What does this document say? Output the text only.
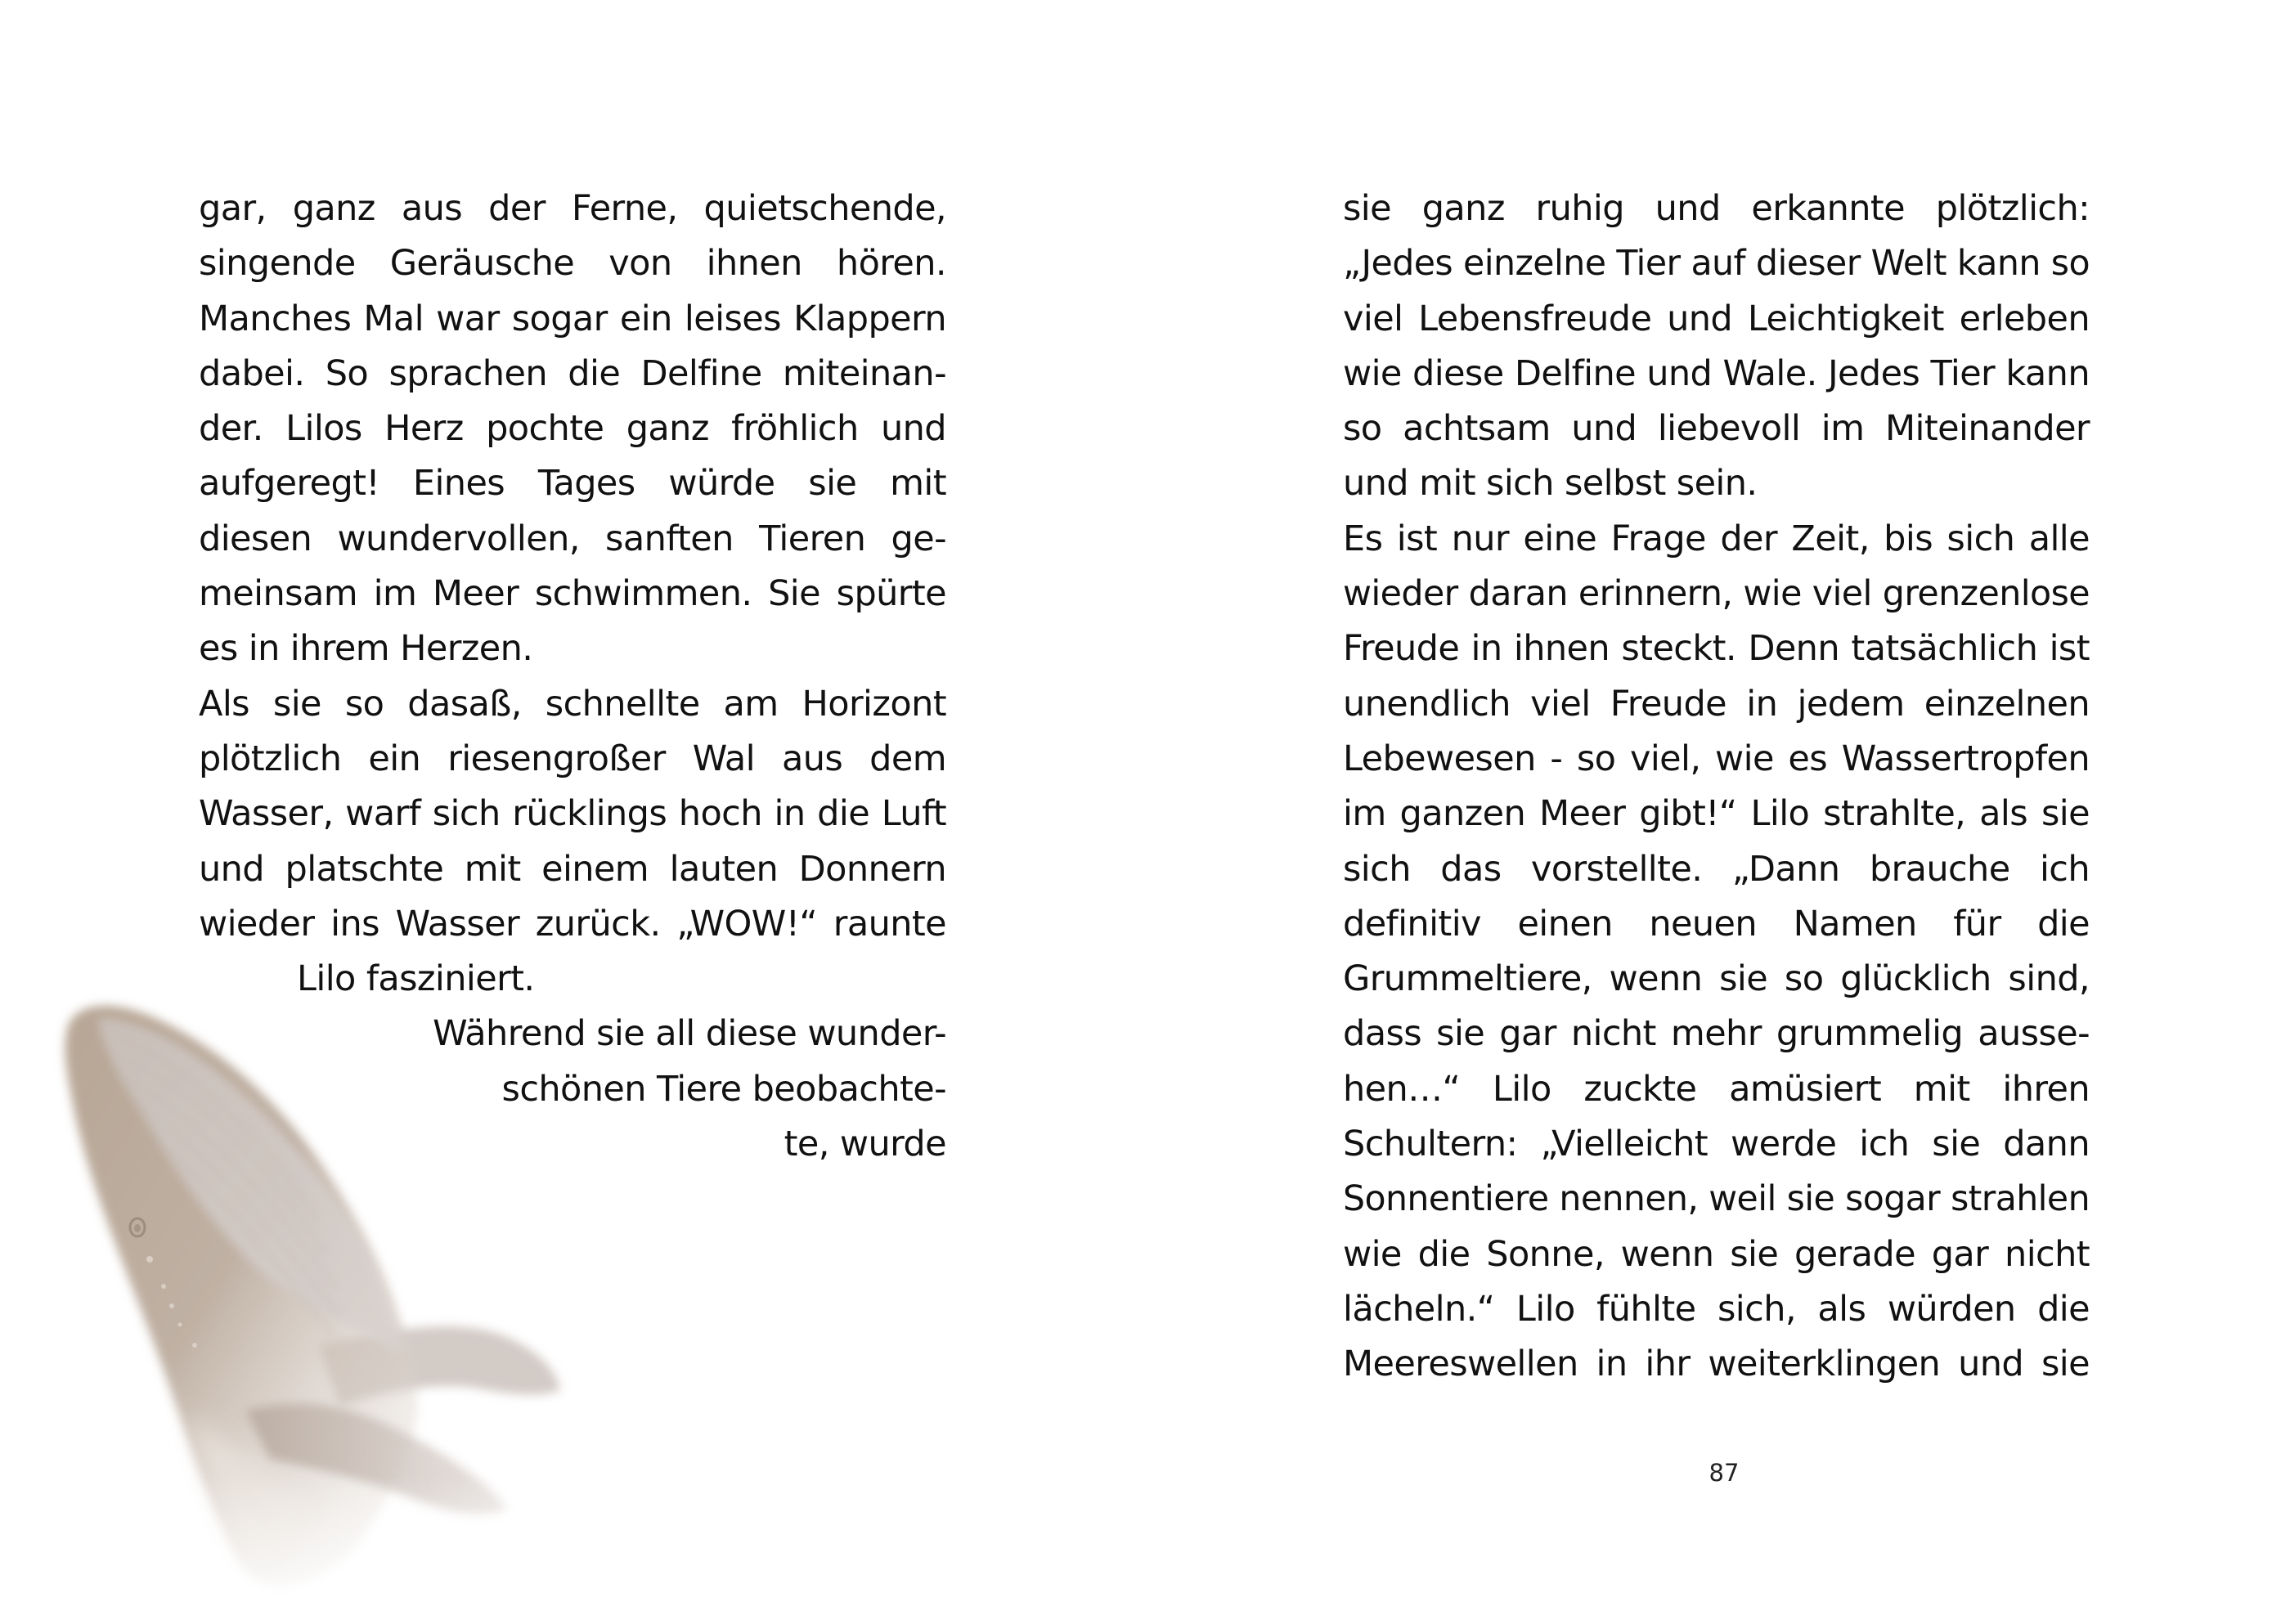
gar, ganz aus der Ferne, quietschende,
singende Geräusche von ihnen hören.
Manches Mal war sogar ein leises Klappern
dabei. So sprachen die Delfine miteinan-
der. Lilos Herz pochte ganz fröhlich und
aufgeregt! Eines Tages würde sie mit
diesen wundervollen, sanften Tieren ge-
meinsam im Meer schwimmen. Sie spürte
es in ihrem Herzen.
Als sie so dasaß, schnellte am Horizont
plötzlich ein riesengroßer Wal aus dem
Wasser, warf sich rücklings hoch in die Luft
und platschte mit einem lauten Donnern
wieder ins Wasser zurück. „WOW!“ raunte
Lilo fasziniert.
Während sie all diese wunder-
schönen Tiere beobachte-
te, wurde
sie ganz ruhig und erkannte plötzlich:
„Jedes einzelne Tier auf dieser Welt kann so
viel Lebensfreude und Leichtigkeit erleben
wie diese Delfine und Wale. Jedes Tier kann
so achtsam und liebevoll im Miteinander
und mit sich selbst sein.
Es ist nur eine Frage der Zeit, bis sich alle
wieder daran erinnern, wie viel grenzenlose
Freude in ihnen steckt. Denn tatsächlich ist
unendlich viel Freude in jedem einzelnen
Lebewesen - so viel, wie es Wassertropfen
im ganzen Meer gibt!“ Lilo strahlte, als sie
sich das vorstellte. „Dann brauche ich
definitiv einen neuen Namen für die
Grummeltiere, wenn sie so glücklich sind,
dass sie gar nicht mehr grummelig ausse-
hen…“ Lilo zuckte amüsiert mit ihren
Schultern: „Vielleicht werde ich sie dann
Sonnentiere nennen, weil sie sogar strahlen
wie die Sonne, wenn sie gerade gar nicht
lächeln.“ Lilo fühlte sich, als würden die
Meereswellen in ihr weiterklingen und sie
87
